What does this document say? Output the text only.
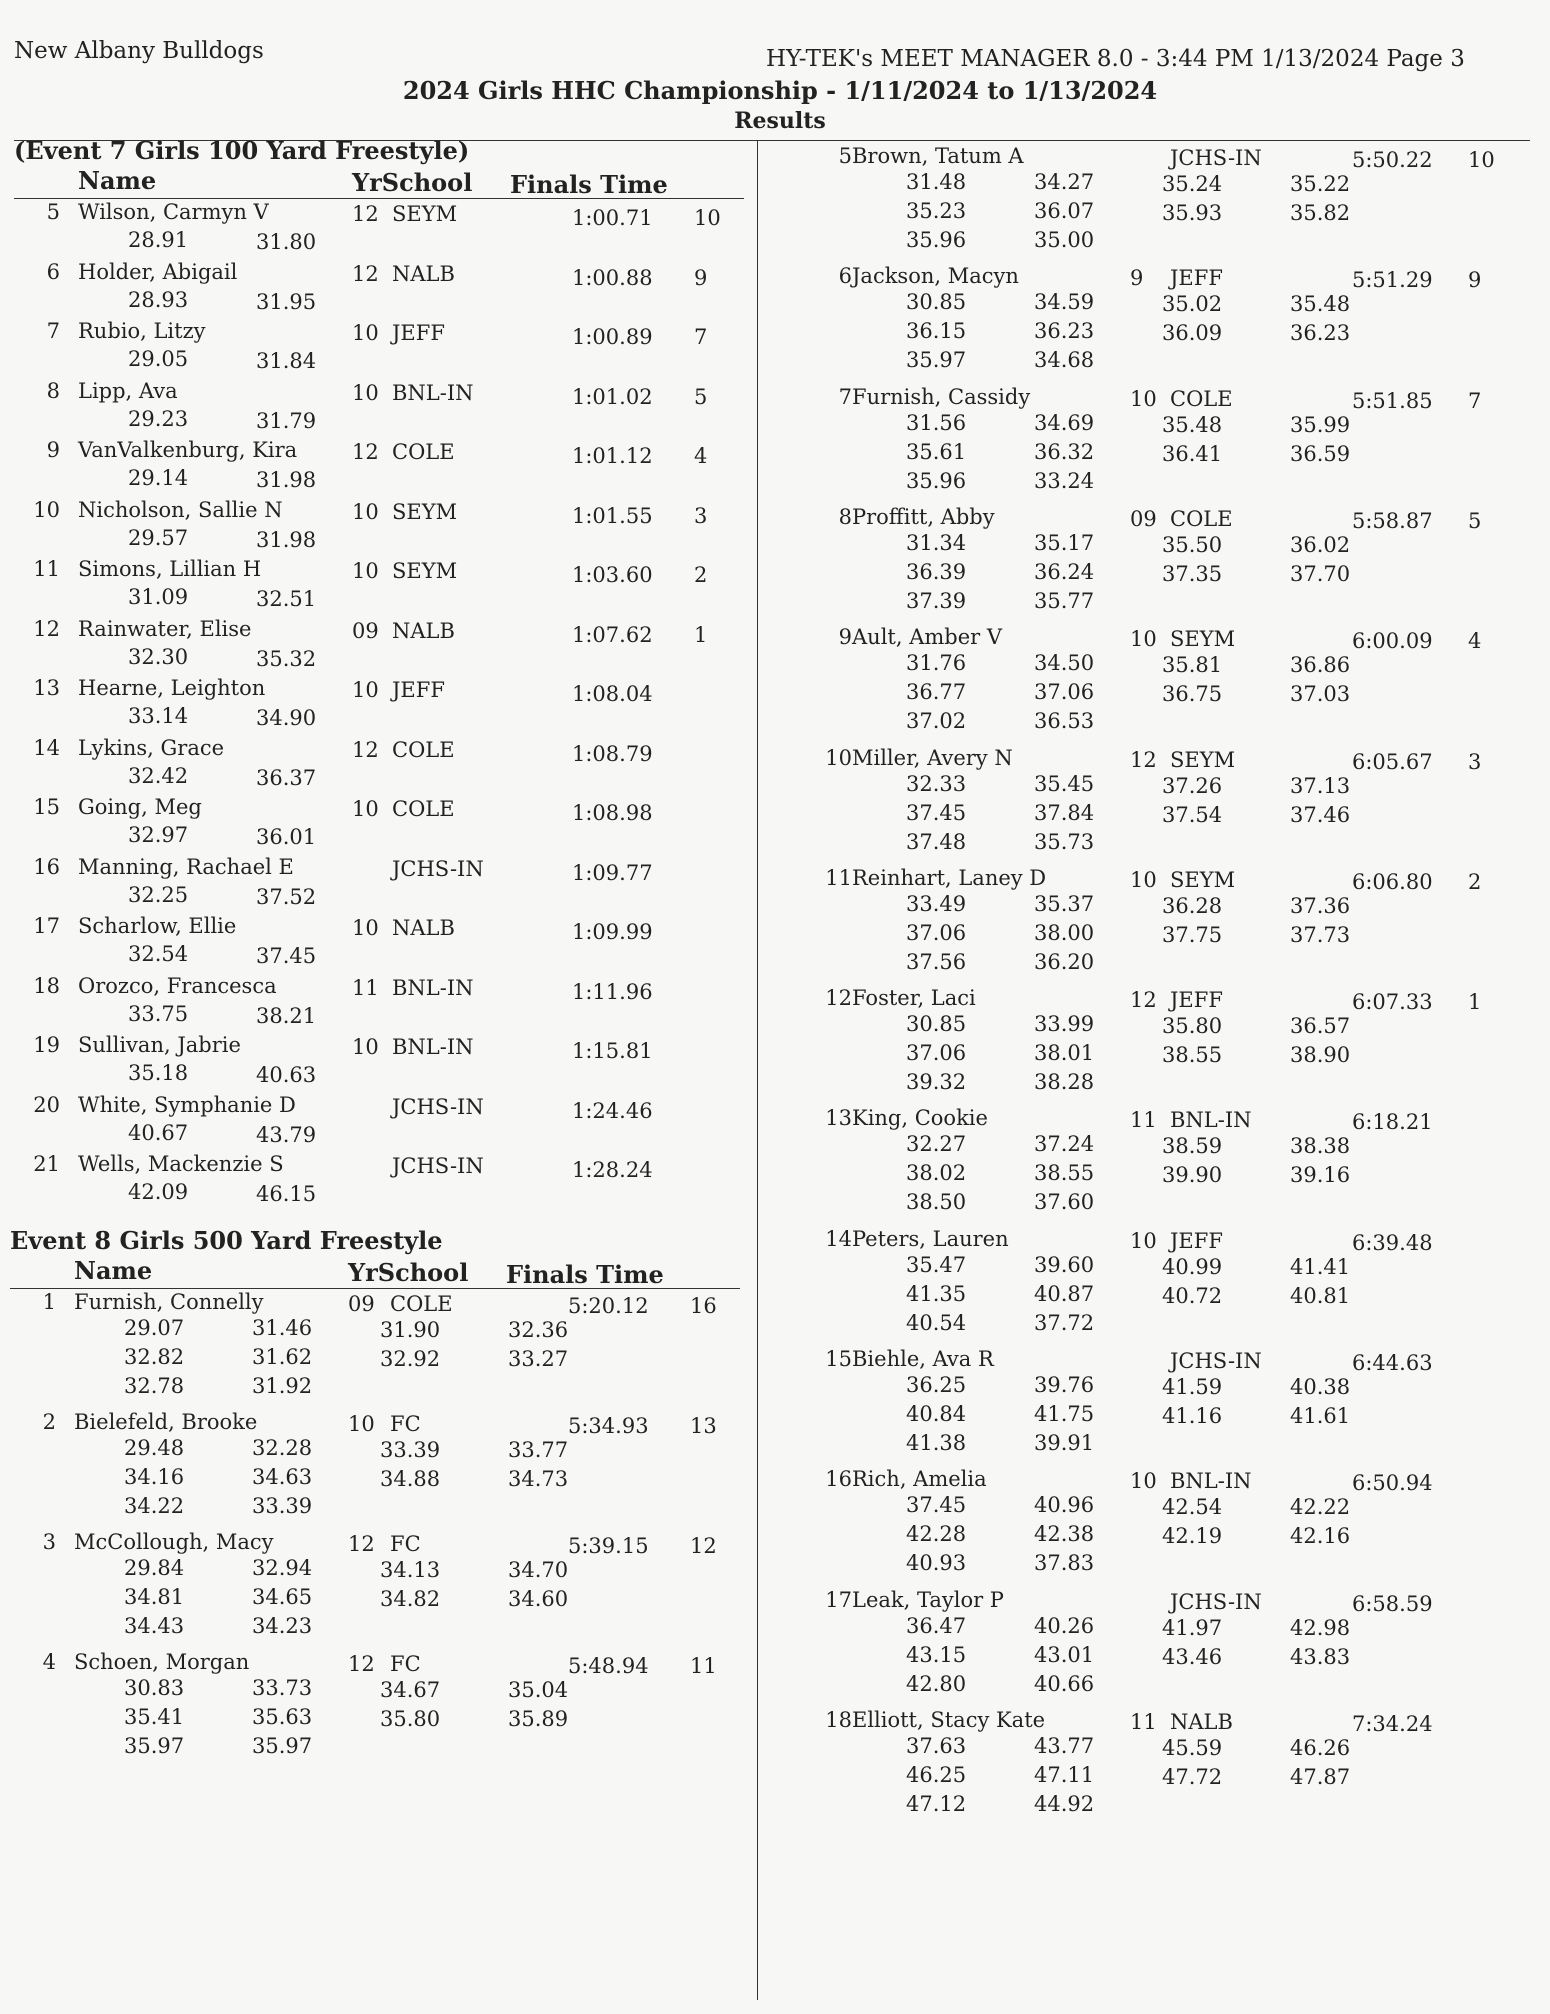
New Albany Bulldogs	HY-TEK's MEET MANAGER 8.0 - 3:44 PM 1/13/2024 Page 3
2024 Girls HHC Championship - 1/11/2024 to 1/13/2024
Results
(Event 7 Girls 100 Yard Freestyle)
Name	YrSchool Finals Time
5 Wilson, Carmyn V	12 SEYM	1:00.71 10
28.91	31.80
6 Holder, Abigail	12 NALB	1:00.88 9
28.93	31.95
7 Rubio, Litzy	10 JEFF	1:00.89 7
29.05	31.84
8 Lipp, Ava	10 BNL-IN	1:01.02 5
29.23	31.79
9 VanValkenburg, Kira	12 COLE	1:01.12 4
29.14	31.98
10 Nicholson, Sallie N	10 SEYM	1:01.55 3
29.57	31.98
11 Simons, Lillian H	10 SEYM	1:03.60 2
31.09	32.51
12 Rainwater, Elise	09 NALB	1:07.62 1
32.30	35.32
13 Hearne, Leighton	10 JEFF	1:08.04
33.14	34.90
14 Lykins, Grace	12 COLE	1:08.79
32.42	36.37
15 Going, Meg	10 COLE	1:08.98
32.97	36.01
16 Manning, Rachael E	JCHS-IN	1:09.77
32.25	37.52
17 Scharlow, Ellie	10 NALB	1:09.99
32.54	37.45
18 Orozco, Francesca	11 BNL-IN	1:11.96
33.75	38.21
19 Sullivan, Jabrie	10 BNL-IN	1:15.81
35.18	40.63
20 White, Symphanie D	JCHS-IN	1:24.46
40.67	43.79
21 Wells, Mackenzie S	JCHS-IN	1:28.24
42.09	46.15
Event 8 Girls 500 Yard Freestyle
Name	YrSchool Finals Time
1 Furnish, Connelly	09 COLE	5:20.12 16
29.07	31.46	31.90	32.36
32.82	31.62	32.92	33.27
32.78	31.92
2 Bielefeld, Brooke	10 FC	5:34.93 13
29.48	32.28	33.39	33.77
34.16	34.63	34.88	34.73
34.22	33.39
3 McCollough, Macy	12 FC	5:39.15 12
29.84	32.94	34.13	34.70
34.81	34.65	34.82	34.60
34.43	34.23
4 Schoen, Morgan	12 FC	5:48.94 11
30.83	33.73	34.67	35.04
35.41	35.63	35.80	35.89
35.97	35.97
5 Brown, Tatum A	JCHS-IN	5:50.22 10
31.48	34.27	35.24	35.22
35.23	36.07	35.93	35.82
35.96	35.00
6 Jackson, Macyn	9 JEFF	5:51.29 9
30.85	34.59	35.02	35.48
36.15	36.23	36.09	36.23
35.97	34.68
7 Furnish, Cassidy	10 COLE	5:51.85 7
31.56	34.69	35.48	35.99
35.61	36.32	36.41	36.59
35.96	33.24
8 Proffitt, Abby	09 COLE	5:58.87 5
31.34	35.17	35.50	36.02
36.39	36.24	37.35	37.70
37.39	35.77
9 Ault, Amber V	10 SEYM	6:00.09 4
31.76	34.50	35.81	36.86
36.77	37.06	36.75	37.03
37.02	36.53
10 Miller, Avery N	12 SEYM	6:05.67 3
32.33	35.45	37.26	37.13
37.45	37.84	37.54	37.46
37.48	35.73
11 Reinhart, Laney D	10 SEYM	6:06.80 2
33.49	35.37	36.28	37.36
37.06	38.00	37.75	37.73
37.56	36.20
12 Foster, Laci	12 JEFF	6:07.33 1
30.85	33.99	35.80	36.57
37.06	38.01	38.55	38.90
39.32	38.28
13 King, Cookie	11 BNL-IN	6:18.21
32.27	37.24	38.59	38.38
38.02	38.55	39.90	39.16
38.50	37.60
14 Peters, Lauren	10 JEFF	6:39.48
35.47	39.60	40.99	41.41
41.35	40.87	40.72	40.81
40.54	37.72
15 Biehle, Ava R	JCHS-IN	6:44.63
36.25	39.76	41.59	40.38
40.84	41.75	41.16	41.61
41.38	39.91
16 Rich, Amelia	10 BNL-IN	6:50.94
37.45	40.96	42.54	42.22
42.28	42.38	42.19	42.16
40.93	37.83
17 Leak, Taylor P	JCHS-IN	6:58.59
36.47	40.26	41.97	42.98
43.15	43.01	43.46	43.83
42.80	40.66
18 Elliott, Stacy Kate	11 NALB	7:34.24
37.63	43.77	45.59	46.26
46.25	47.11	47.72	47.87
47.12	44.92
